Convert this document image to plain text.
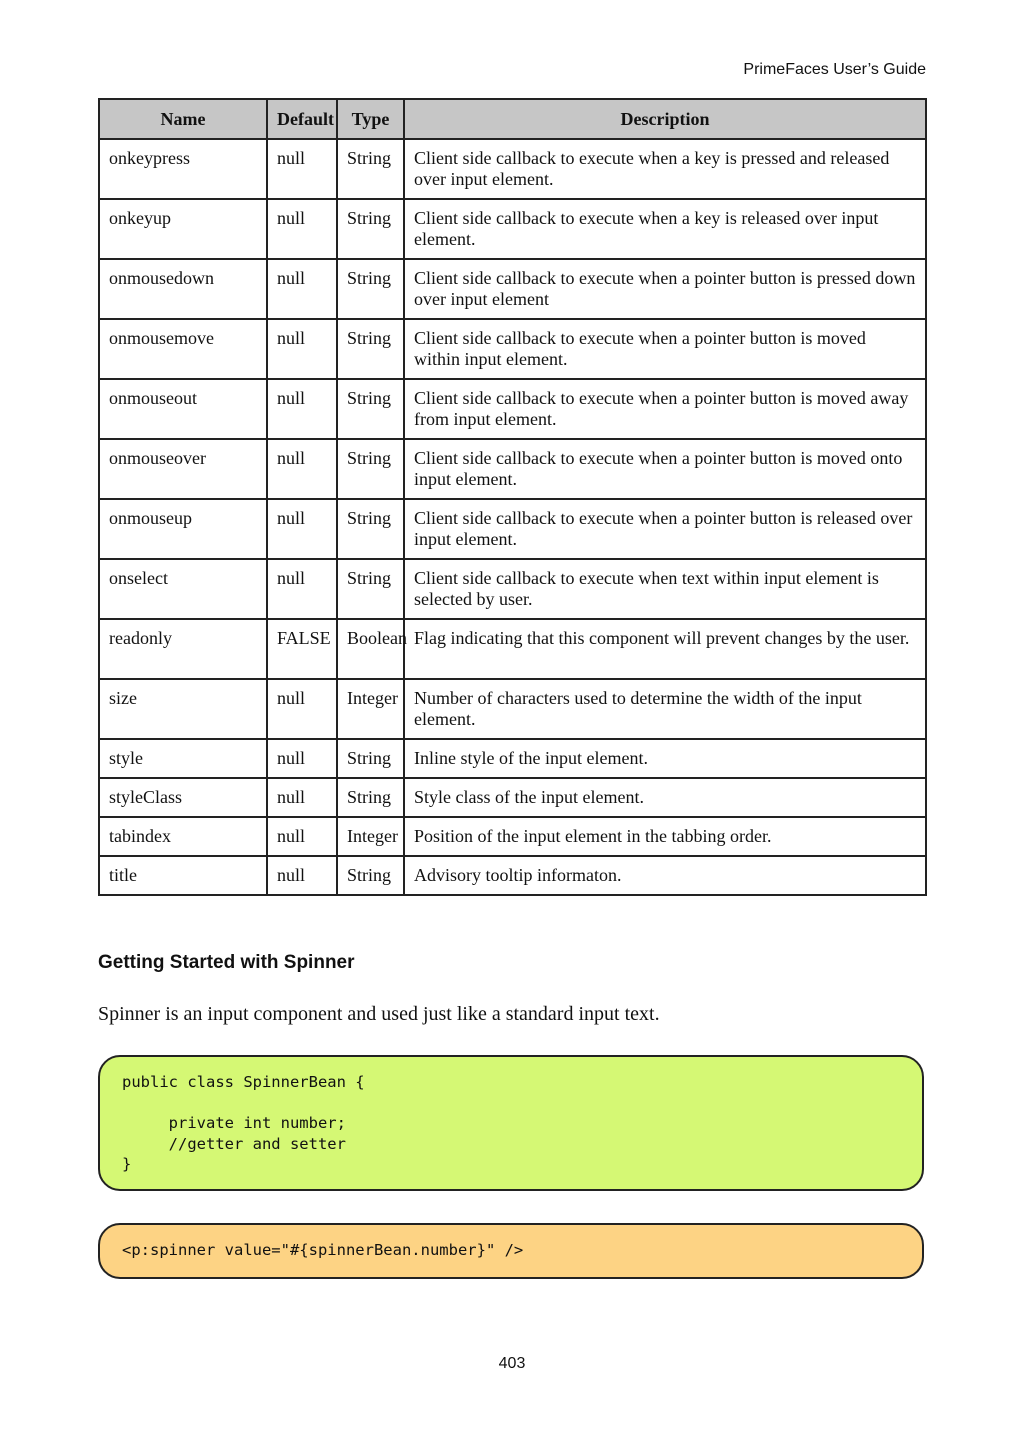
PrimeFaces User’s Guide
Name	Default	Type	Description
onkeypress	null	String	Client side callback to execute when a key is pressed and released over input element.
onkeyup	null	String	Client side callback to execute when a key is released over input element.
onmousedown	null	String	Client side callback to execute when a pointer button is pressed down over input element
onmousemove	null	String	Client side callback to execute when a pointer button is moved within input element.
onmouseout	null	String	Client side callback to execute when a pointer button is moved away from input element.
onmouseover	null	String	Client side callback to execute when a pointer button is moved onto input element.
onmouseup	null	String	Client side callback to execute when a pointer button is released over input element.
onselect	null	String	Client side callback to execute when text within input element is selected by user.
readonly	FALSE	Boolean	Flag indicating that this component will prevent changes by the user.
size	null	Integer	Number of characters used to determine the width of the input element.
style	null	String	Inline style of the input element.
styleClass	null	String	Style class of the input element.
tabindex	null	Integer	Position of the input element in the tabbing order.
title	null	String	Advisory tooltip informaton.
Getting Started with Spinner

Spinner is an input component and used just like a standard input text.

public class SpinnerBean {
private int number;
//getter and setter
}
<p:spinner value="#{spinnerBean.number}" />
403
